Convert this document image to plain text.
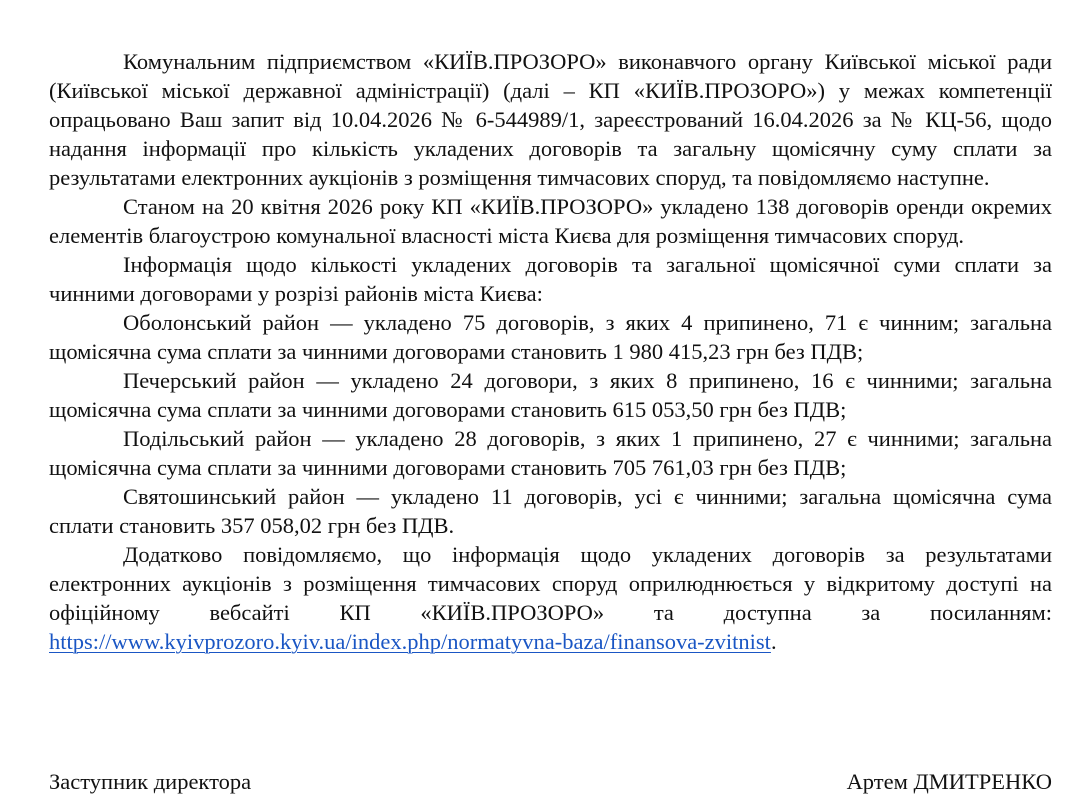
Комунальним підприємством «КИЇВ.ПРОЗОРО» виконавчого органу Київської міської ради (Київської міської державної адміністрації) (далі – КП «КИЇВ.ПРОЗОРО») у межах компетенції опрацьовано Ваш запит від 10.04.2026 № 6-544989/1, зареєстрований 16.04.2026 за № КЦ-56, щодо надання інформації про кількість укладених договорів та загальну щомісячну суму сплати за результатами електронних аукціонів з розміщення тимчасових споруд, та повідомляємо наступне.

Станом на 20 квітня 2026 року КП «КИЇВ.ПРОЗОРО» укладено 138 договорів оренди окремих елементів благоустрою комунальної власності міста Києва для розміщення тимчасових споруд.

Інформація щодо кількості укладених договорів та загальної щомісячної суми сплати за чинними договорами у розрізі районів міста Києва:

Оболонський район — укладено 75 договорів, з яких 4 припинено, 71 є чинним; загальна щомісячна сума сплати за чинними договорами становить 1 980 415,23 грн без ПДВ;

Печерський район — укладено 24 договори, з яких 8 припинено, 16 є чинними; загальна щомісячна сума сплати за чинними договорами становить 615 053,50 грн без ПДВ;

Подільський район — укладено 28 договорів, з яких 1 припинено, 27 є чинними; загальна щомісячна сума сплати за чинними договорами становить 705 761,03 грн без ПДВ;

Святошинський район — укладено 11 договорів, усі є чинними; загальна щомісячна сума сплати становить 357 058,02 грн без ПДВ.

Додатково повідомляємо, що інформація щодо укладених договорів за результатами електронних аукціонів з розміщення тимчасових споруд оприлюднюється у відкритому доступі на офіційному вебсайті КП «КИЇВ.ПРОЗОРО» та доступна за посиланням: https://www.kyivprozoro.kyiv.ua/index.php/normatyvna-baza/finansova-zvitnist.

Заступник директора	Артем ДМИТРЕНКО
